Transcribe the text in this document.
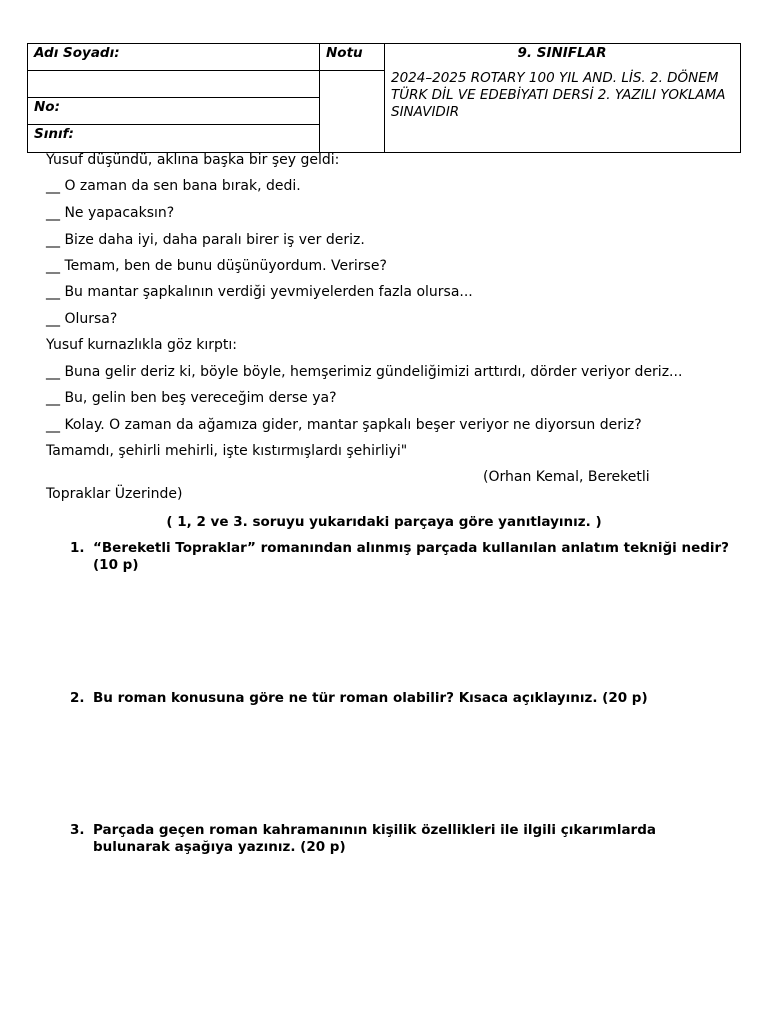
Adı Soyadı:	Notu
No:
Sınıf:
9. SINIFLAR
2024–2025 ROTARY 100 YIL AND. LİS. 2. DÖNEM TÜRK DİL VE EDEBİYATI DERSİ 2. YAZILI YOKLAMA SINAVIDIR
Yusuf düşündü, aklına başka bir şey geldi:
__ O zaman da sen bana bırak, dedi.
__ Ne yapacaksın?
__ Bize daha iyi, daha paralı birer iş ver deriz.
__ Temam, ben de bunu düşünüyordum. Verirse?
__ Bu mantar şapkalının verdiği yevmiyelerden fazla olursa...
__ Olursa?
Yusuf kurnazlıkla göz kırptı:
__ Buna gelir deriz ki, böyle böyle, hemşerimiz gündeliğimizi arttırdı, dörder veriyor deriz...
__ Bu, gelin ben beş vereceğim derse ya?
__ Kolay. O zaman da ağamıza gider, mantar şapkalı beşer veriyor ne diyorsun deriz?
Tamamdı, şehirli mehirli, işte kıstırmışlardı şehirliyi"
(Orhan Kemal, Bereketli
Topraklar Üzerinde)
( 1, 2 ve 3. soruyu yukarıdaki parçaya göre yanıtlayınız. )
1. “Bereketli Topraklar” romanından alınmış parçada kullanılan anlatım tekniği nedir? (10 p)
2. Bu roman konusuna göre ne tür roman olabilir? Kısaca açıklayınız. (20 p)
3. Parçada geçen roman kahramanının kişilik özellikleri ile ilgili çıkarımlarda bulunarak aşağıya yazınız. (20 p)
